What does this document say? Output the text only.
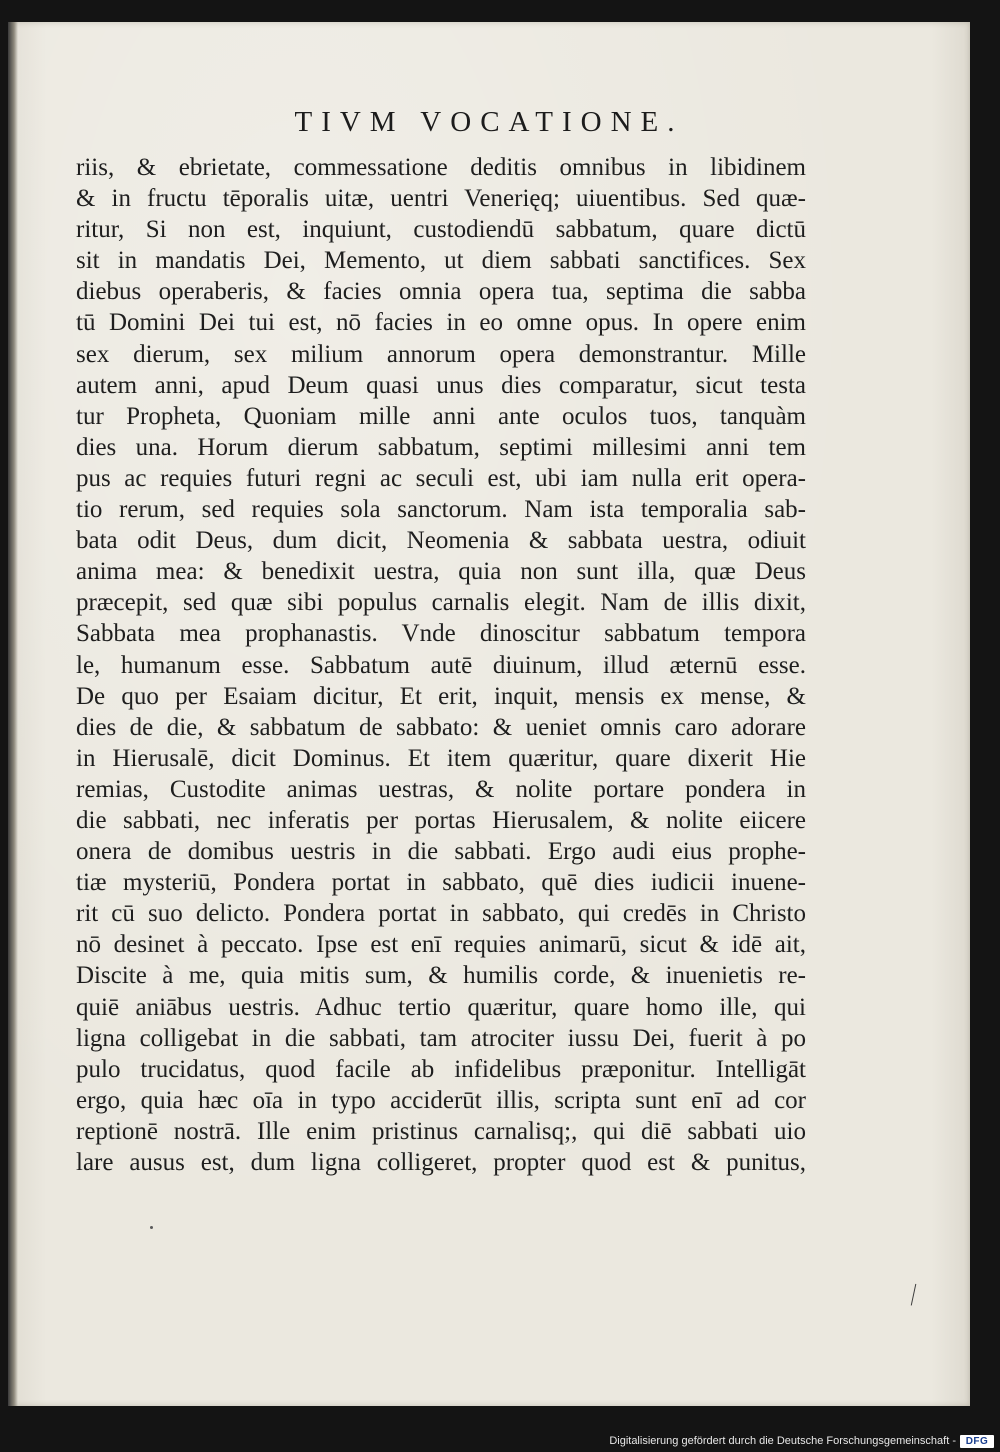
TIVM VOCATIONE.
riis, & ebrietate, commessatione deditis omnibus in libidinem
& in fructu tēporalis uitæ, uentri Venerięq; uiuentibus. Sed quæ-
ritur, Si non est, inquiunt, custodiendū sabbatum, quare dictū
sit in mandatis Dei, Memento, ut diem sabbati sanctifices. Sex
diebus operaberis, & facies omnia opera tua, septima die sabba
tū Domini Dei tui est, nō facies in eo omne opus. In opere enim
sex dierum, sex milium annorum opera demonstrantur. Mille
autem anni, apud Deum quasi unus dies comparatur, sicut testa
tur Propheta, Quoniam mille anni ante oculos tuos, tanquàm
dies una. Horum dierum sabbatum, septimi millesimi anni tem
pus ac requies futuri regni ac seculi est, ubi iam nulla erit opera-
tio rerum, sed requies sola sanctorum. Nam ista temporalia sab-
bata odit Deus, dum dicit, Neomenia & sabbata uestra, odiuit
anima mea: & benedixit uestra, quia non sunt illa, quæ Deus
præcepit, sed quæ sibi populus carnalis elegit. Nam de illis dixit,
Sabbata mea prophanastis. Vnde dinoscitur sabbatum tempora
le, humanum esse. Sabbatum autē diuinum, illud æternū esse.
De quo per Esaiam dicitur, Et erit, inquit, mensis ex mense, &
dies de die, & sabbatum de sabbato: & ueniet omnis caro adorare
in Hierusalē, dicit Dominus. Et item quæritur, quare dixerit Hie
remias, Custodite animas uestras, & nolite portare pondera in
die sabbati, nec inferatis per portas Hierusalem, & nolite eiicere
onera de domibus uestris in die sabbati. Ergo audi eius prophe-
tiæ mysteriū, Pondera portat in sabbato, quē dies iudicii inuene-
rit cū suo delicto. Pondera portat in sabbato, qui credēs in Christo
nō desinet à peccato. Ipse est enī requies animarū, sicut & idē ait,
Discite à me, quia mitis sum, & humilis corde, & inuenietis re-
quiē aniābus uestris. Adhuc tertio quæritur, quare homo ille, qui
ligna colligebat in die sabbati, tam atrociter iussu Dei, fuerit à po
pulo trucidatus, quod facile ab infidelibus præponitur. Intelligāt
ergo, quia hæc oīa in typo acciderūt illis, scripta sunt enī ad cor
reptionē nostrā. Ille enim pristinus carnalisq;, qui diē sabbati uio
lare ausus est, dum ligna colligeret, propter quod est & punitus,
Digitalisierung gefördert durch die Deutsche Forschungsgemeinschaft - DFG
